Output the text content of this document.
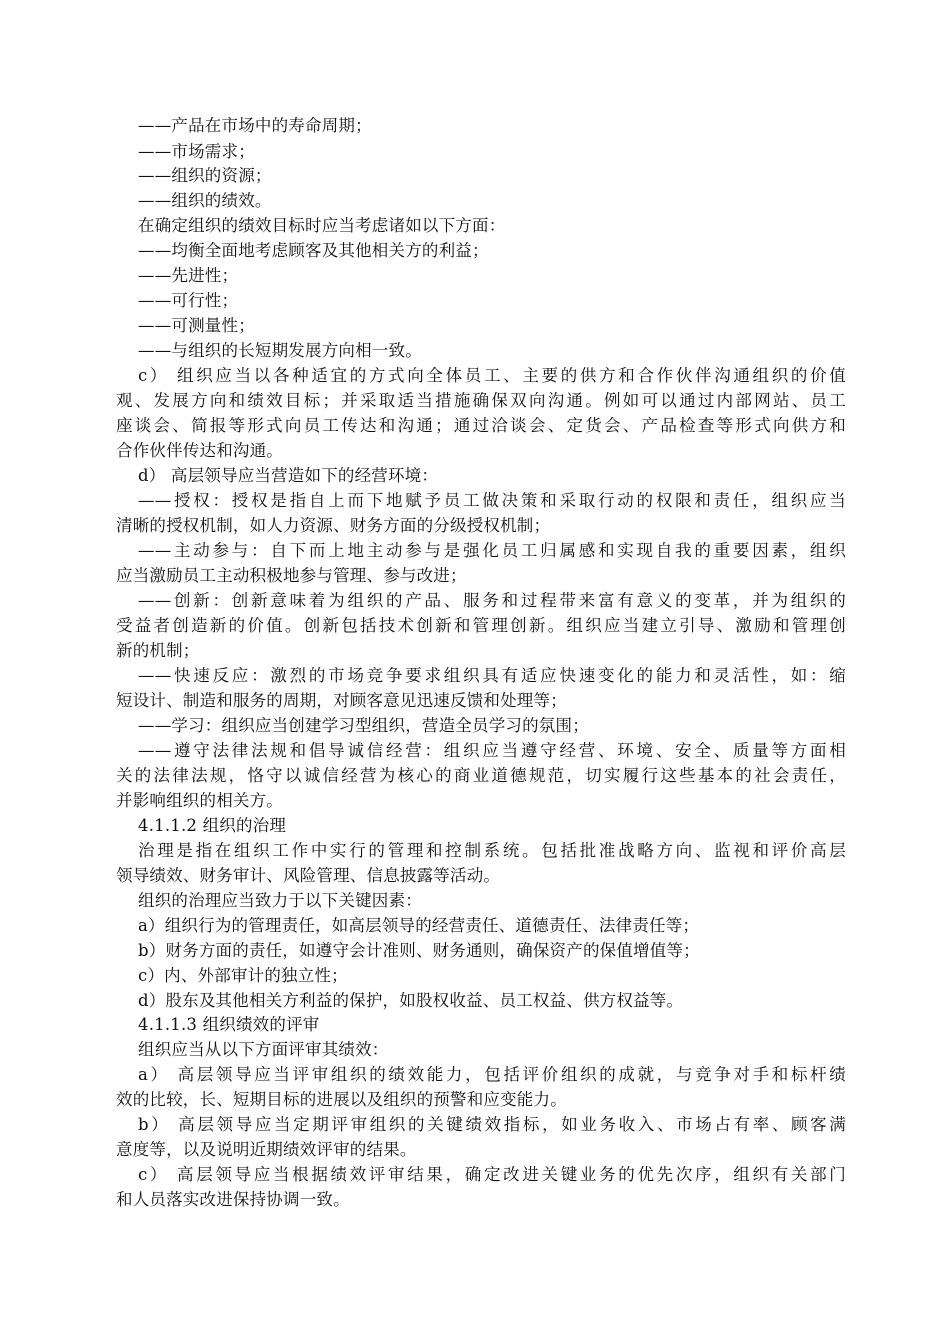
——产品在市场中的寿命周期；
——市场需求；
——组织的资源；
——组织的绩效。
在确定组织的绩效目标时应当考虑诸如以下方面：
——均衡全面地考虑顾客及其他相关方的利益；
——先进性；
——可行性；
——可测量性；
——与组织的长短期发展方向相一致。
c） 组织应当以各种适宜的方式向全体员工、主要的供方和合作伙伴沟通组织的价值
观、发展方向和绩效目标；并采取适当措施确保双向沟通。例如可以通过内部网站、员工
座谈会、简报等形式向员工传达和沟通；通过洽谈会、定货会、产品检查等形式向供方和
合作伙伴传达和沟通。
d） 高层领导应当营造如下的经营环境：
——授权：授权是指自上而下地赋予员工做决策和采取行动的权限和责任，组织应当
清晰的授权机制，如人力资源、财务方面的分级授权机制；
——主动参与：自下而上地主动参与是强化员工归属感和实现自我的重要因素，组织
应当激励员工主动积极地参与管理、参与改进；
——创新：创新意味着为组织的产品、服务和过程带来富有意义的变革，并为组织的
受益者创造新的价值。创新包括技术创新和管理创新。组织应当建立引导、激励和管理创
新的机制；
——快速反应：激烈的市场竞争要求组织具有适应快速变化的能力和灵活性，如：缩
短设计、制造和服务的周期，对顾客意见迅速反馈和处理等；
——学习：组织应当创建学习型组织，营造全员学习的氛围；
——遵守法律法规和倡导诚信经营：组织应当遵守经营、环境、安全、质量等方面相
关的法律法规，恪守以诚信经营为核心的商业道德规范，切实履行这些基本的社会责任，
并影响组织的相关方。
4.1.1.2 组织的治理
治理是指在组织工作中实行的管理和控制系统。包括批准战略方向、监视和评价高层
领导绩效、财务审计、风险管理、信息披露等活动。
组织的治理应当致力于以下关键因素：
a）组织行为的管理责任，如高层领导的经营责任、道德责任、法律责任等；
b）财务方面的责任，如遵守会计准则、财务通则，确保资产的保值增值等；
c）内、外部审计的独立性；
d）股东及其他相关方利益的保护，如股权收益、员工权益、供方权益等。
4.1.1.3 组织绩效的评审
组织应当从以下方面评审其绩效：
a） 高层领导应当评审组织的绩效能力，包括评价组织的成就，与竞争对手和标杆绩
效的比较，长、短期目标的进展以及组织的预警和应变能力。
b） 高层领导应当定期评审组织的关键绩效指标，如业务收入、市场占有率、顾客满
意度等，以及说明近期绩效评审的结果。
c） 高层领导应当根据绩效评审结果，确定改进关键业务的优先次序，组织有关部门
和人员落实改进保持协调一致。
